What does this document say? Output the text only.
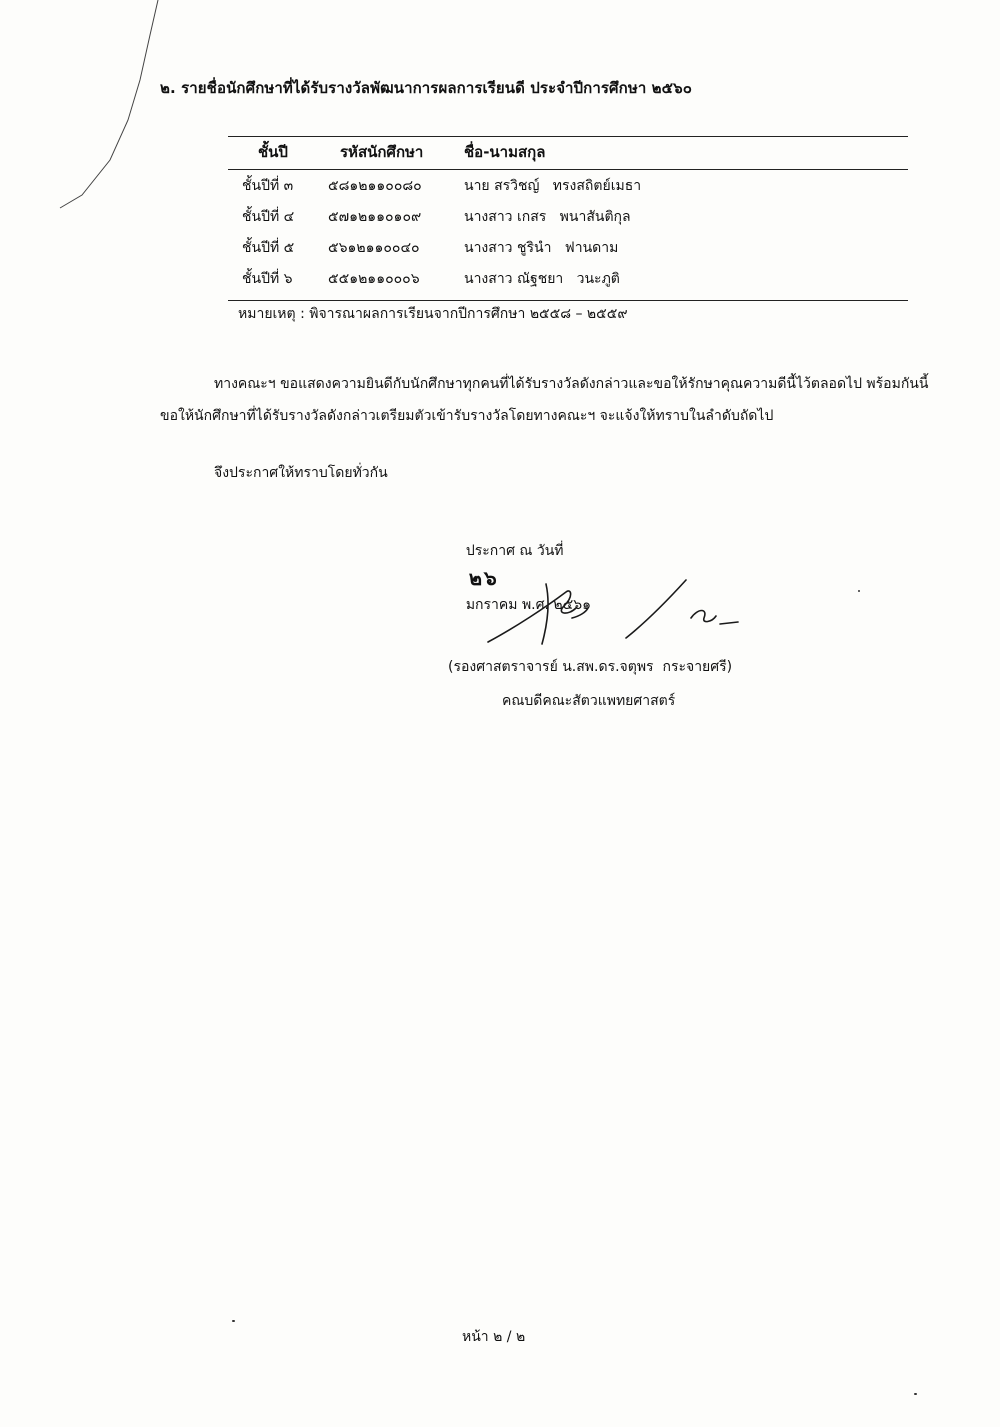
๒. รายชื่อนักศึกษาที่ได้รับรางวัลพัฒนาการผลการเรียนดี ประจำปีการศึกษา ๒๕๖๐
ชั้นปี	รหัสนักศึกษา	ชื่อ-นามสกุล
ชั้นปีที่ ๓ ๕๘๑๒๑๑๐๐๘๐	นาย สรวิชญ์   ทรงสถิตย์เมธา
ชั้นปีที่ ๔ ๕๗๑๒๑๑๐๑๐๙	นางสาว เกสร   พนาสันติกุล
ชั้นปีที่ ๕ ๕๖๑๒๑๑๐๐๔๐	นางสาว ชูรินำ   ฟานดาม
ชั้นปีที่ ๖	๕๕๑๒๑๑๐๐๐๖	นางสาว ณัฐชยา   วนะภูติ
หมายเหตุ : พิจารณาผลการเรียนจากปีการศึกษา ๒๕๕๘ – ๒๕๕๙

ทางคณะฯ ขอแสดงความยินดีกับนักศึกษาทุกคนที่ได้รับรางวัลดังกล่าวและขอให้รักษาคุณความดีนี้ไว้ตลอดไป พร้อมกันนี้

ขอให้นักศึกษาที่ได้รับรางวัลดังกล่าวเตรียมตัวเข้ารับรางวัลโดยทางคณะฯ จะแจ้งให้ทราบในลำดับถัดไป

จึงประกาศให้ทราบโดยทั่วกัน

ประกาศ ณ วันที่
๒๖
มกราคม พ.ศ. ๒๕๖๑

(รองศาสตราจารย์ น.สพ.ดร.จตุพร  กระจายศรี)
คณบดีคณะสัตวแพทยศาสตร์
หน้า ๒ / ๒
